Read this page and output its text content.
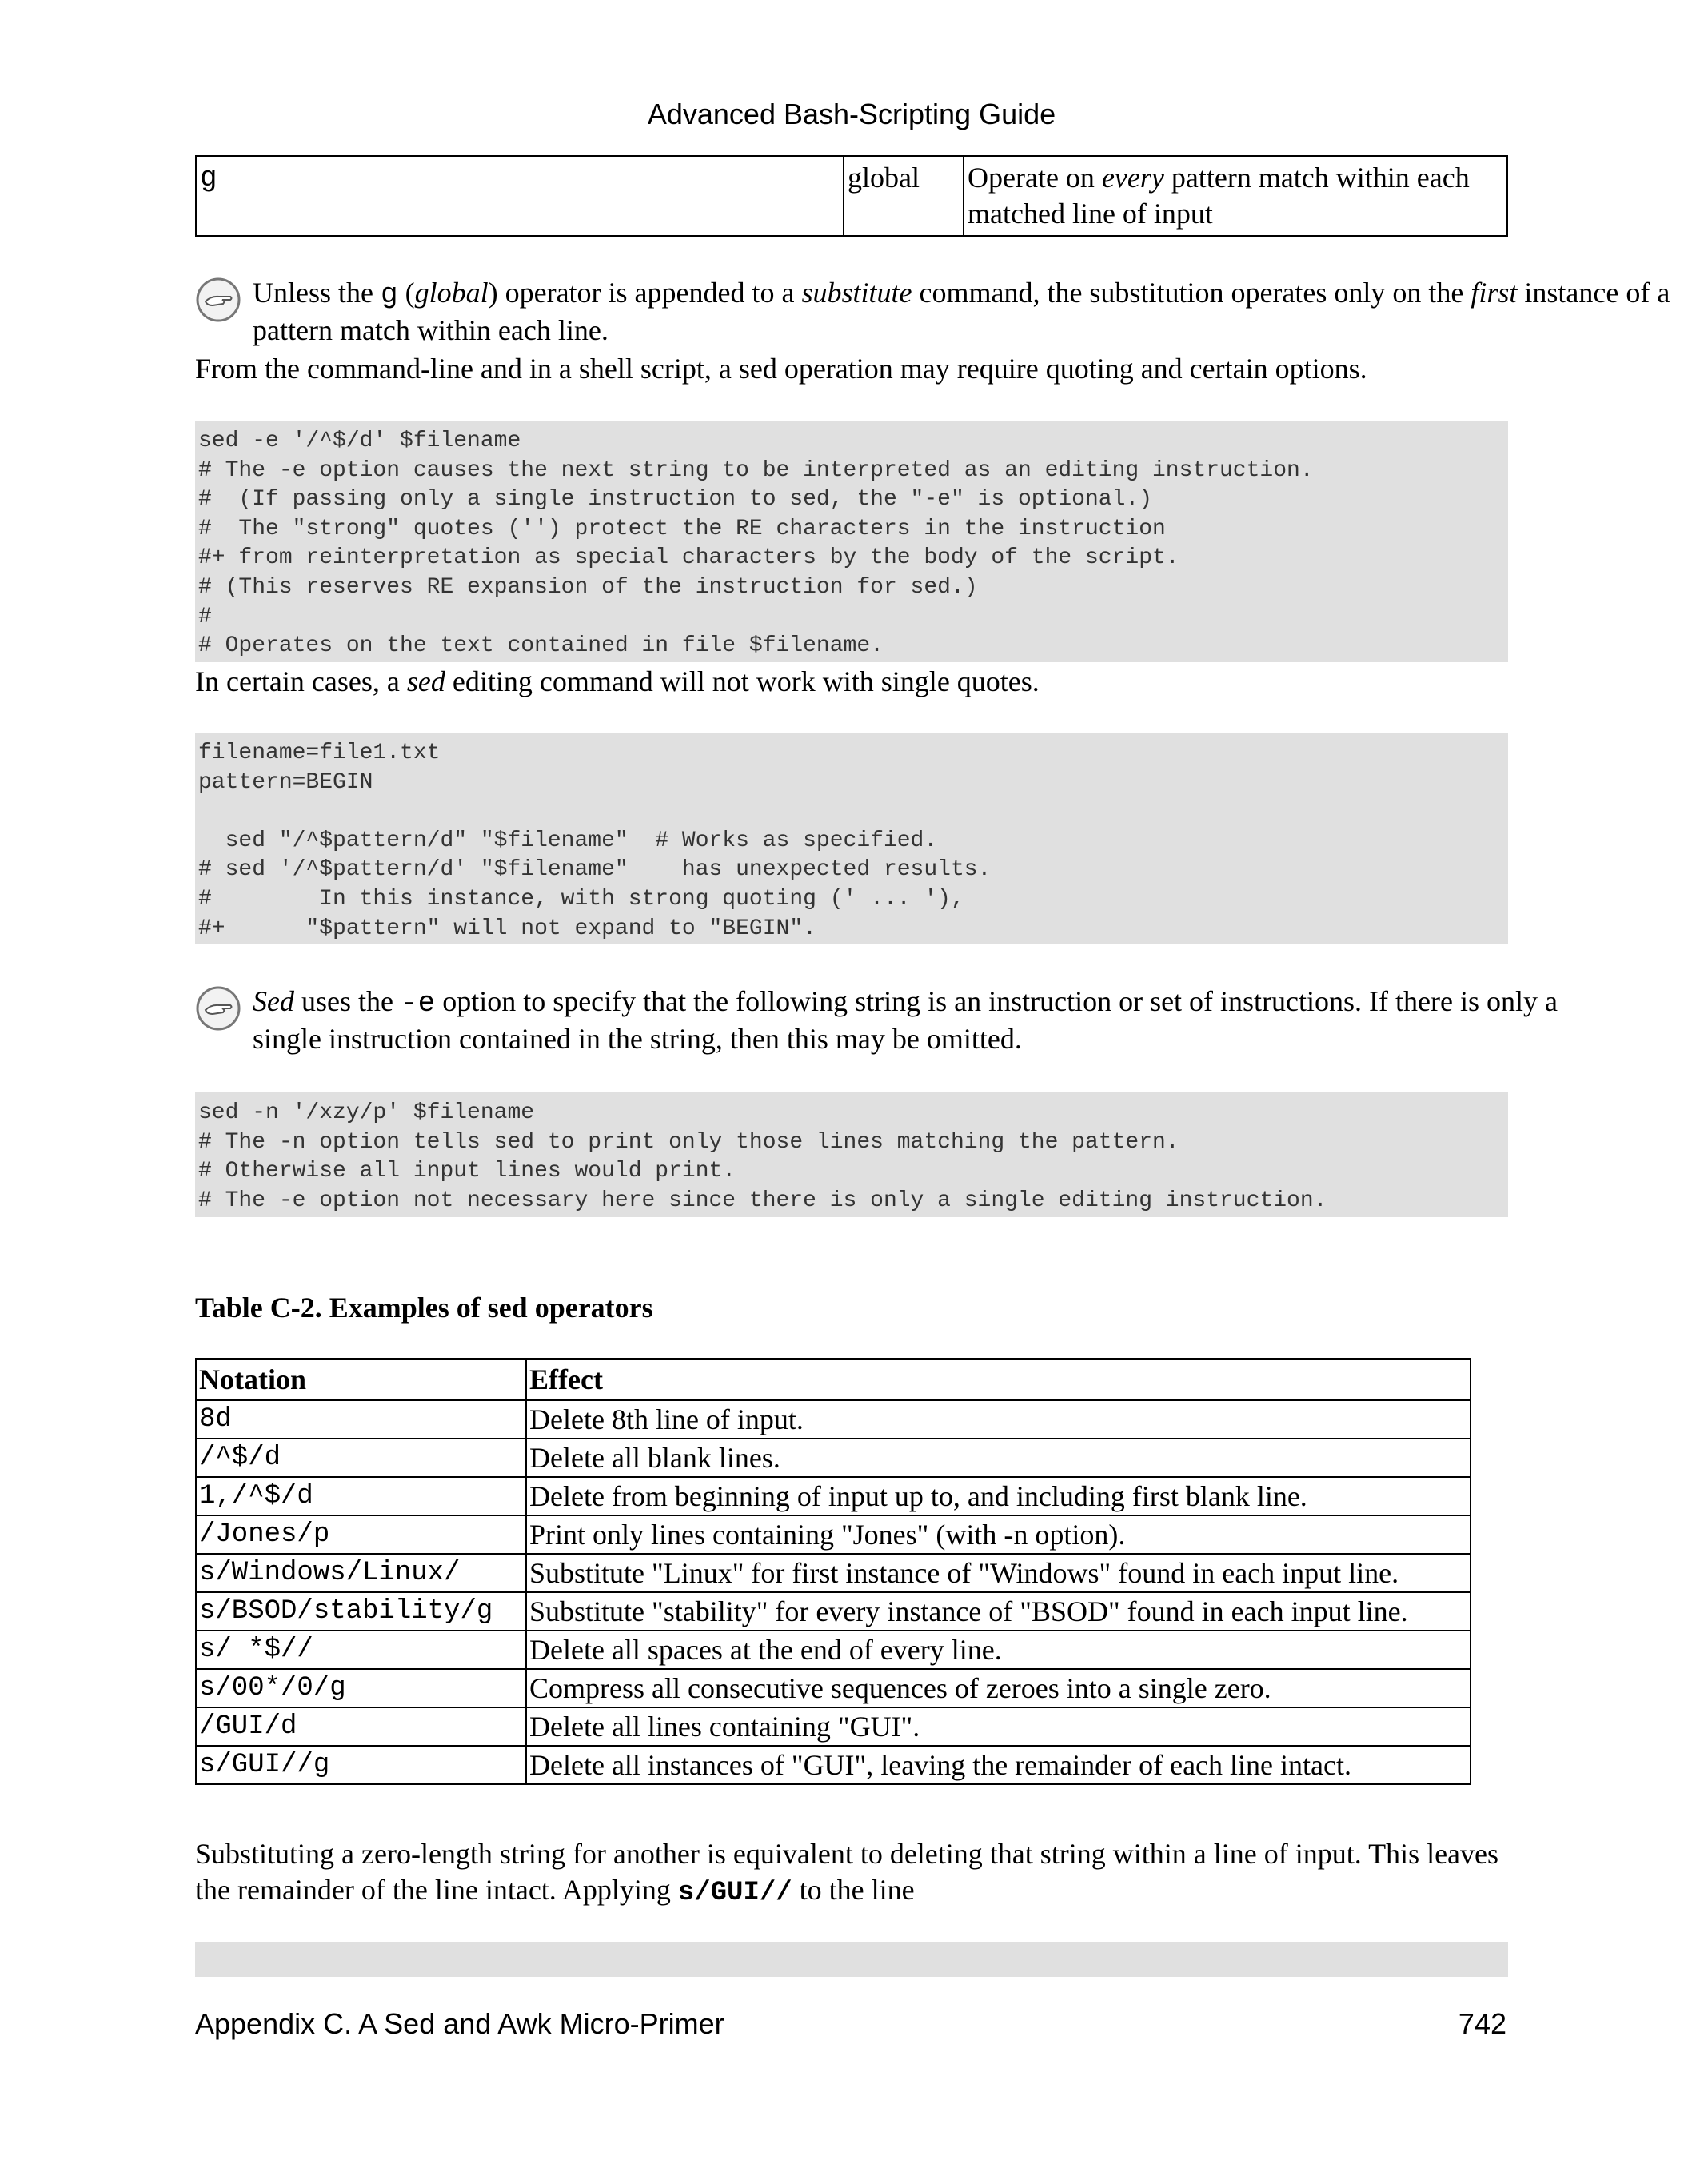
Advanced Bash-Scripting Guide
g	global	Operate on every pattern match within each matched line of input
Unless the g (global) operator is appended to a substitute command, the substitution operates only on the first instance of a pattern match within each line.
From the command-line and in a shell script, a sed operation may require quoting and certain options.
sed -e '/^$/d' $filename
# The -e option causes the next string to be interpreted as an editing instruction.
#  (If passing only a single instruction to sed, the "-e" is optional.)
#  The "strong" quotes ('') protect the RE characters in the instruction
#+ from reinterpretation as special characters by the body of the script.
# (This reserves RE expansion of the instruction for sed.)
#
# Operates on the text contained in file $filename.
In certain cases, a sed editing command will not work with single quotes.
filename=file1.txt
pattern=BEGIN
sed "/^$pattern/d" "$filename"  # Works as specified.
# sed '/^$pattern/d' "$filename"    has unexpected results.
#        In this instance, with strong quoting (' ... '),
#+      "$pattern" will not expand to "BEGIN".
Sed uses the -e option to specify that the following string is an instruction or set of instructions. If there is only a single instruction contained in the string, then this may be omitted.
sed -n '/xzy/p' $filename
# The -n option tells sed to print only those lines matching the pattern.
# Otherwise all input lines would print.
# The -e option not necessary here since there is only a single editing instruction.
Table C-2. Examples of sed operators
Notation	Effect
8d	Delete 8th line of input.
/^$/d	Delete all blank lines.
1,/^$/d	Delete from beginning of input up to, and including first blank line.
/Jones/p	Print only lines containing "Jones" (with -n option).
s/Windows/Linux/	Substitute "Linux" for first instance of "Windows" found in each input line.
s/BSOD/stability/g	Substitute "stability" for every instance of "BSOD" found in each input line.
s/ *$//	Delete all spaces at the end of every line.
s/00*/0/g	Compress all consecutive sequences of zeroes into a single zero.
/GUI/d	Delete all lines containing "GUI".
s/GUI//g	Delete all instances of "GUI", leaving the remainder of each line intact.
Substituting a zero-length string for another is equivalent to deleting that string within a line of input. This leaves the remainder of the line intact. Applying s/GUI// to the line
Appendix C. A Sed and Awk Micro-Primer	742
